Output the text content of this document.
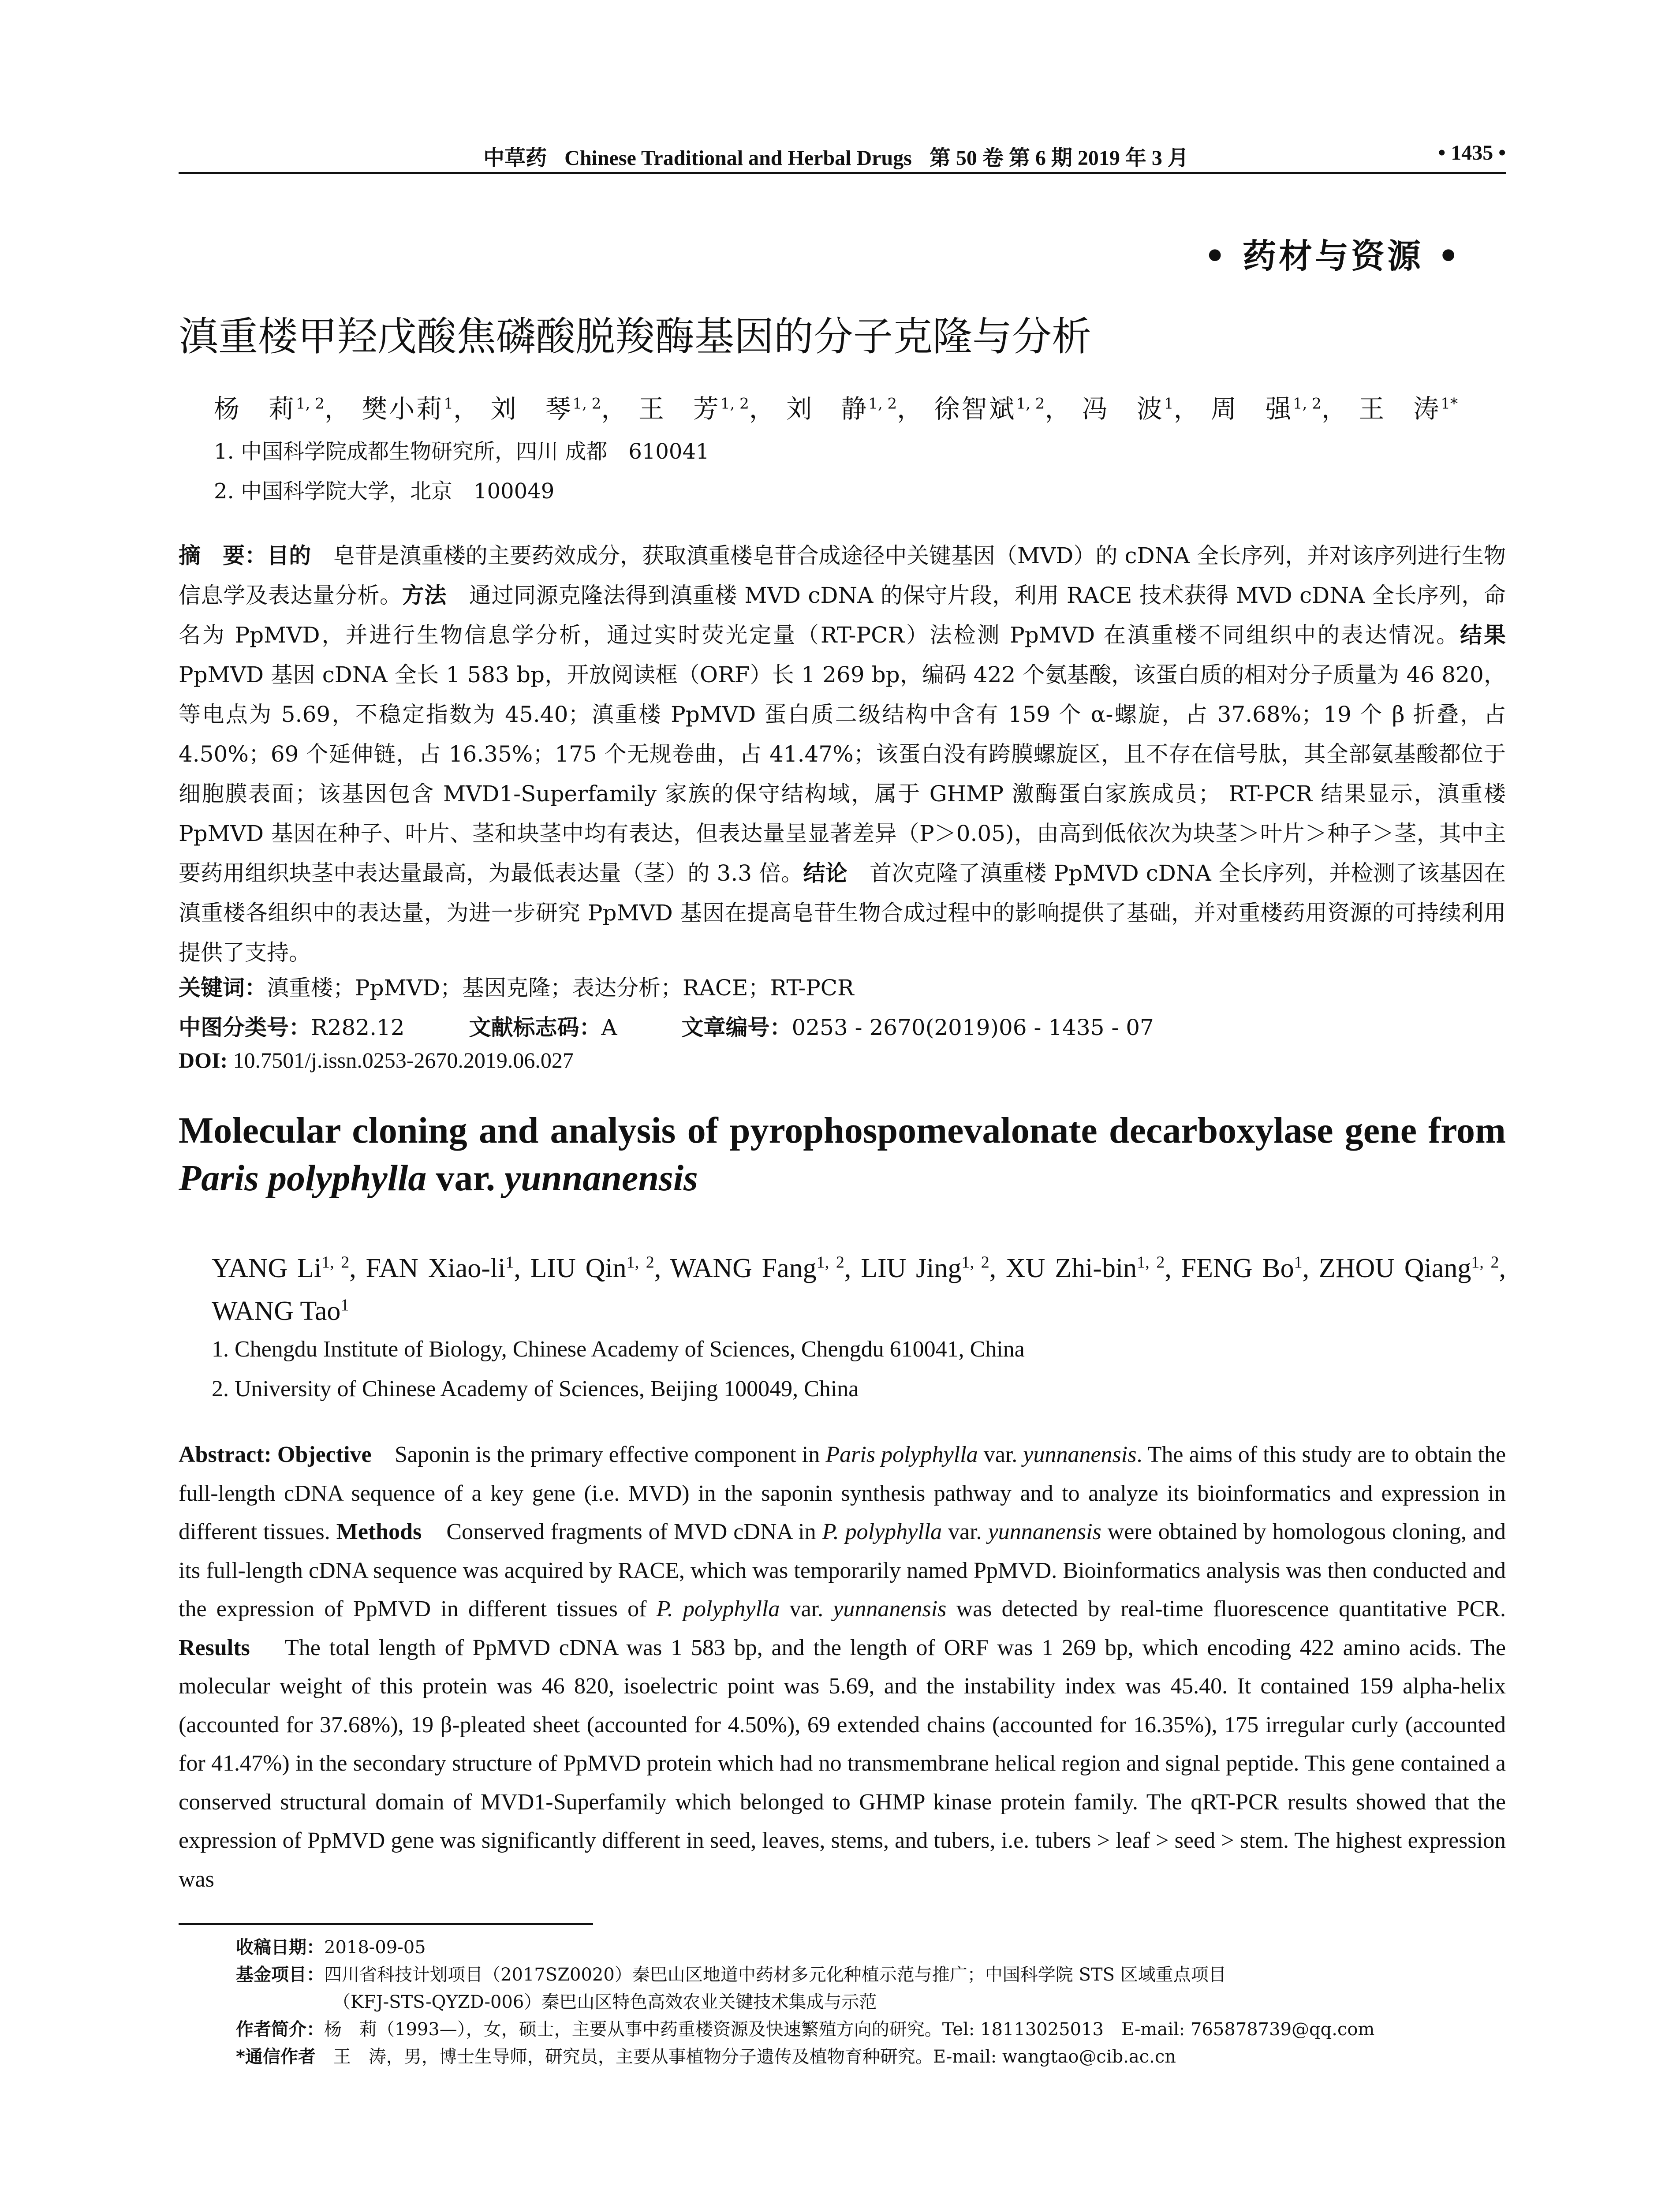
中草药 Chinese Traditional and Herbal Drugs 第 50 卷 第 6 期 2019 年 3 月	• 1435 •
• 药材与资源 •
滇重楼甲羟戊酸焦磷酸脱羧酶基因的分子克隆与分析
杨　莉$^{1, 2}$， 樊小莉$^1$， 刘　琴$^{1, 2}$， 王　芳$^{1, 2}$， 刘　静$^{1, 2}$， 徐智斌$^{1, 2}$， 冯　波$^1$， 周　强$^{1, 2}$， 王　涛$^{1*}$
1. 中国科学院成都生物研究所，四川 成都　610041
2. 中国科学院大学，北京　100049

摘　要：目的　 皂苷是滇重楼的主要药效成分，获取滇重楼皂苷合成途径中关键基因（MVD）的 cDNA 全长序列，并对该序列进行生物信息学及表达量分析。方法　 通过同源克隆法得到滇重楼 MVD cDNA 的保守片段，利用 RACE 技术获得 MVD cDNA 全长序列，命名为 PpMVD，并进行生物信息学分析，通过实时荧光定量（RT-PCR）法检测 PpMVD 在滇重楼不同组织中的表达情况。结果　PpMVD 基因 cDNA 全长 1 583 bp，开放阅读框（ORF）长 1 269 bp，编码 422 个氨基酸，该蛋白质的相对分子质量为 46 820，等电点为 5.69，不稳定指数为 45.40；滇重楼 PpMVD 蛋白质二级结构中含有 159 个 α-螺旋，占 37.68%；19 个 β 折叠，占 4.50%；69 个延伸链，占 16.35%；175 个无规卷曲，占 41.47%；该蛋白没有跨膜螺旋区，且不存在信号肽，其全部氨基酸都位于细胞膜表面；该基因包含 MVD1-Superfamily 家族的保守结构域，属于 GHMP 激酶蛋白家族成员； RT-PCR 结果显示，滇重楼 PpMVD 基因在种子、叶片、茎和块茎中均有表达，但表达量呈显著差异（P＞0.05)，由高到低依次为块茎＞叶片＞种子＞茎，其中主要药用组织块茎中表达量最高，为最低表达量（茎）的 3.3 倍。结论　 首次克隆了滇重楼 PpMVD cDNA 全长序列，并检测了该基因在滇重楼各组织中的表达量，为进一步研究 PpMVD 基因在提高皂苷生物合成过程中的影响提供了基础，并对重楼药用资源的可持续利用提供了支持。

关键词：滇重楼；PpMVD；基因克隆；表达分析；RACE；RT-PCR
中图分类号：R282.12	文献标志码：A	文章编号：0253 - 2670(2019)06 - 1435 - 07
DOI: 10.7501/j.issn.0253-2670.2019.06.027
Molecular cloning and analysis of pyrophospomevalonate decarboxylase gene from Paris polyphylla var. yunnanensis
YANG Li$^{1, 2}$, FAN Xiao-$li^1$, LIU Qin$^{1, 2}$, WANG Fang$^{1, 2}$, LIU Jing$^{1, 2}$, XU Zhi-bin$^{1, 2}$, FENG Bo$^1$, ZHOU Qiang$^{1, 2}$, WANG Tao$^1$
1. Chengdu Institute of Biology, Chinese Academy of Sciences, Chengdu 610041, China
2. University of Chinese Academy of Sciences, Beijing 100049, China

Abstract: Objective Saponin is the primary effective component in Paris polyphylla var. yunnanensis. The aims of this study are to obtain the full-length cDNA sequence of a key gene (i.e. MVD) in the saponin synthesis pathway and to analyze its bioinformatics and expression in different tissues. Methods Conserved fragments of MVD cDNA in P. polyphylla var. yunnanensis were obtained by homologous cloning, and its full-length cDNA sequence was acquired by RACE, which was temporarily named PpMVD. Bioinformatics analysis was then conducted and the expression of PpMVD in different tissues of P. polyphylla var. yunnanensis was detected by real-time fluorescence quantitative PCR. Results The total length of PpMVD cDNA was 1 583 bp, and the length of ORF was 1 269 bp, which encoding 422 amino acids. The molecular weight of this protein was 46 820, isoelectric point was 5.69, and the instability index was 45.40. It contained 159 alpha-helix (accounted for 37.68%), 19 β-pleated sheet (accounted for 4.50%), 69 extended chains (accounted for 16.35%), 175 irregular curly (accounted for 41.47%) in the secondary structure of PpMVD protein which had no transmembrane helical region and signal peptide. This gene contained a conserved structural domain of MVD1-Superfamily which belonged to GHMP kinase protein family. The qRT-PCR results showed that the expression of PpMVD gene was significantly different in seed, leaves, stems, and tubers, i.e. tubers > leaf > seed > stem. The highest expression was

收稿日期：2018-09-05
基金项目：四川省科技计划项目（2017SZ0020）秦巴山区地道中药材多元化种植示范与推广；中国科学院 STS 区域重点项目
（KFJ-STS-QYZD-006）秦巴山区特色高效农业关键技术集成与示范
作者简介：杨　莉（1993—），女，硕士，主要从事中药重楼资源及快速繁殖方向的研究。Tel: 18113025013　E-mail: 765878739@qq.com
*通信作者　 王　涛，男，博士生导师，研究员，主要从事植物分子遗传及植物育种研究。E-mail: wangtao@cib.ac.cn
